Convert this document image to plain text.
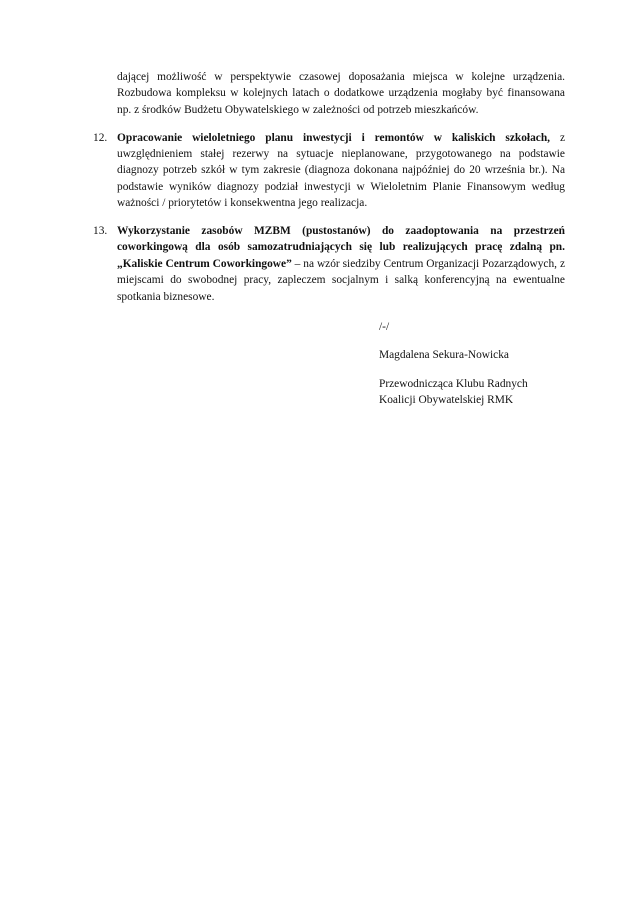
dającej możliwość w perspektywie czasowej doposażania miejsca w kolejne urządzenia. Rozbudowa kompleksu w kolejnych latach o dodatkowe urządzenia mogłaby być finansowana np. z środków Budżetu Obywatelskiego w zależności od potrzeb mieszkańców.

12. Opracowanie wieloletniego planu inwestycji i remontów w kaliskich szkołach, z uwzględnieniem stałej rezerwy na sytuacje nieplanowane, przygotowanego na podstawie diagnozy potrzeb szkół w tym zakresie (diagnoza dokonana najpóźniej do 20 września br.). Na podstawie wyników diagnozy podział inwestycji w Wieloletnim Planie Finansowym według ważności / priorytetów i konsekwentna jego realizacja.

13. Wykorzystanie zasobów MZBM (pustostanów) do zaadoptowania na przestrzeń coworkingową dla osób samozatrudniających się lub realizujących pracę zdalną pn. „Kaliskie Centrum Coworkingowe” – na wzór siedziby Centrum Organizacji Pozarządowych, z miejscami do swobodnej pracy, zapleczem socjalnym i salką konferencyjną na ewentualne spotkania biznesowe.

/-/
Magdalena Sekura-Nowicka
Przewodnicząca Klubu Radnych
Koalicji Obywatelskiej RMK
